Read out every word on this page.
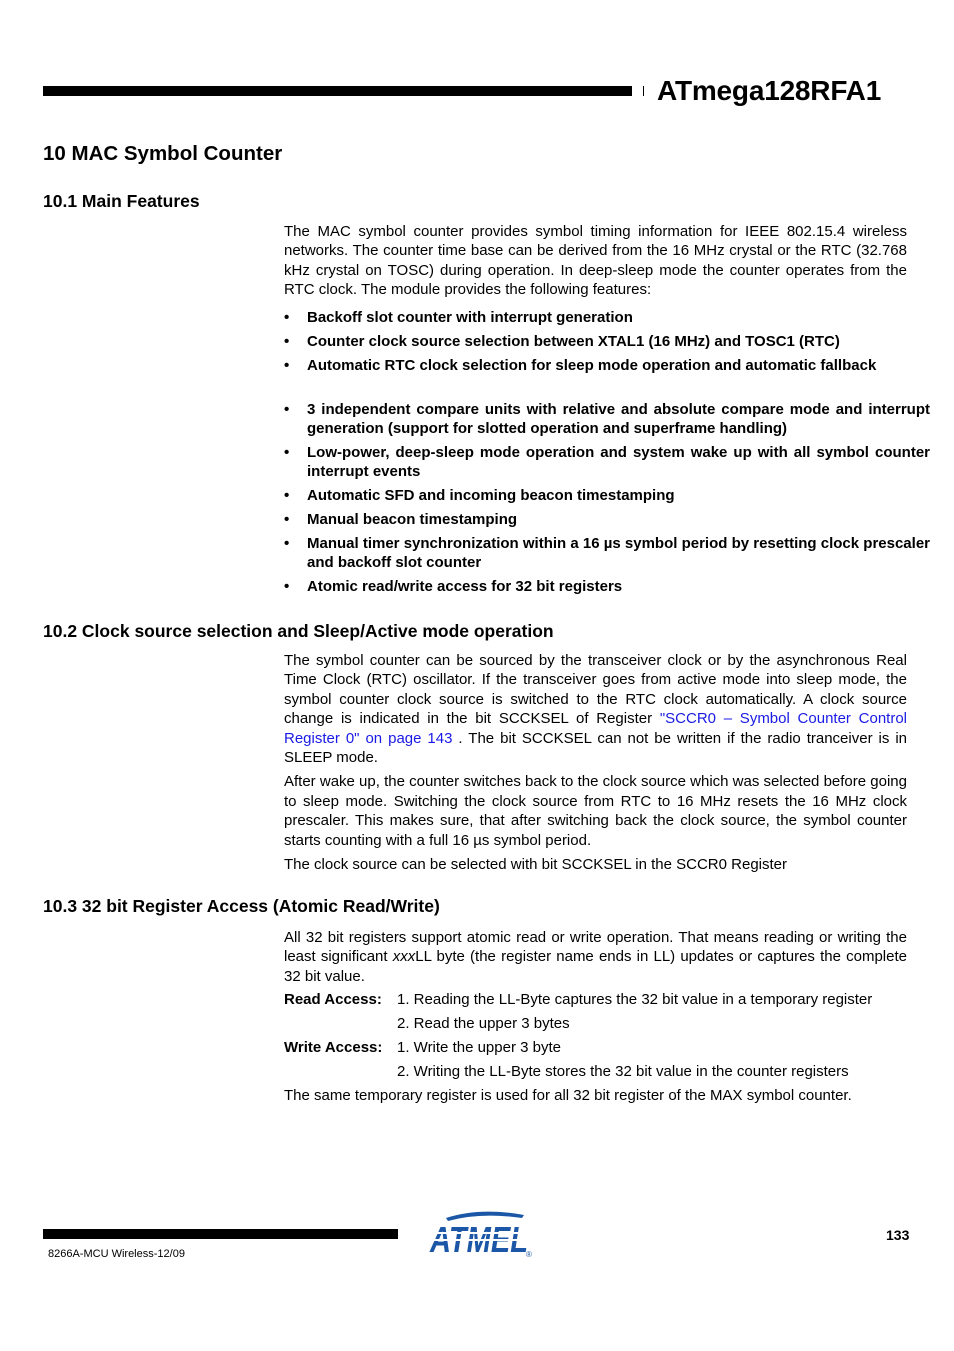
ATmega128RFA1
10 MAC Symbol Counter
10.1 Main Features

The MAC symbol counter provides symbol timing information for IEEE 802.15.4 wireless networks. The counter time base can be derived from the 16 MHz crystal or the RTC (32.768 kHz crystal on TOSC) during operation. In deep-sleep mode the counter operates from the RTC clock. The module provides the following features:

• Backoff slot counter with interrupt generation
• Counter clock source selection between XTAL1 (16 MHz) and TOSC1 (RTC)
• Automatic RTC clock selection for sleep mode operation and automatic fallback
• 3 independent compare units with relative and absolute compare mode and interrupt generation (support for slotted operation and superframe handling)
• Low-power, deep-sleep mode operation and system wake up with all symbol counter interrupt events
• Automatic SFD and incoming beacon timestamping
• Manual beacon timestamping
• Manual timer synchronization within a 16 µs symbol period by resetting clock prescaler and backoff slot counter
• Atomic read/write access for 32 bit registers
10.2 Clock source selection and Sleep/Active mode operation

The symbol counter can be sourced by the transceiver clock or by the asynchronous Real Time Clock (RTC) oscillator. If the transceiver goes from active mode into sleep mode, the symbol counter clock source is switched to the RTC clock automatically. A clock source change is indicated in the bit SCCKSEL of Register "SCCR0 – Symbol Counter Control Register 0" on page 143 . The bit SCCKSEL can not be written if the radio tranceiver is in SLEEP mode.

After wake up, the counter switches back to the clock source which was selected before going to sleep mode. Switching the clock source from RTC to 16 MHz resets the 16 MHz clock prescaler. This makes sure, that after switching back the clock source, the symbol counter starts counting with a full 16 µs symbol period.

The clock source can be selected with bit SCCKSEL in the SCCR0 Register

10.3 32 bit Register Access (Atomic Read/Write)

All 32 bit registers support atomic read or write operation. That means reading or writing the least significant xxxLL byte (the register name ends in LL) updates or captures the complete 32 bit value.

Read Access: 1. Reading the LL-Byte captures the 32 bit value in a temporary register
2. Read the upper 3 bytes
Write Access: 1. Write the upper 3 byte
2. Writing the LL-Byte stores the 32 bit value in the counter registers
The same temporary register is used for all 32 bit register of the MAX symbol counter.
8266A-MCU Wireless-12/09
133
®
